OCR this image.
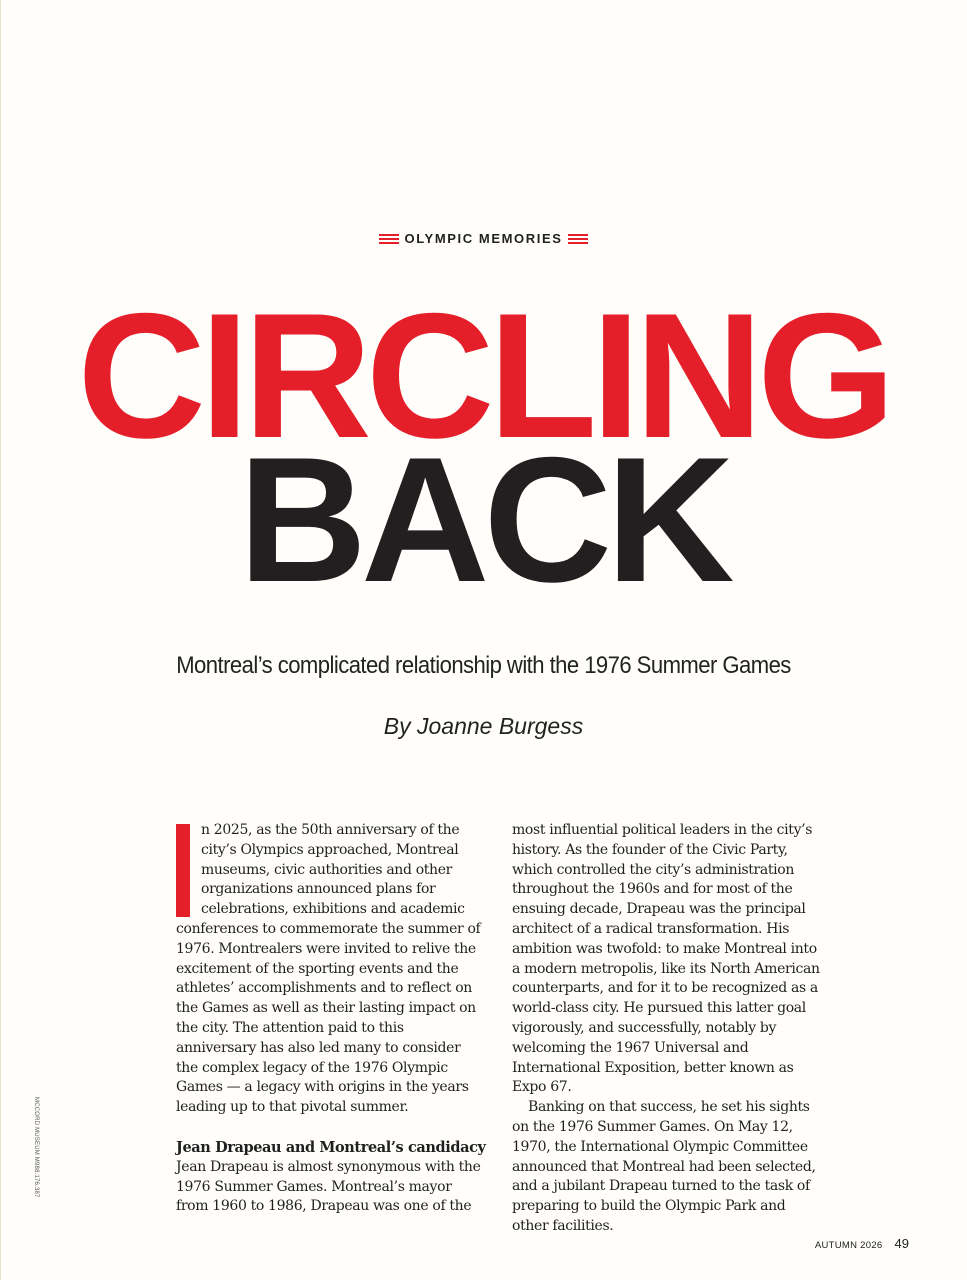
OLYMPIC MEMORIES
CIRCLING
BACK
Montreal’s complicated relationship with the 1976 Summer Games
By Joanne Burgess

n 2025, as the 50th anniversary of the city’s Olympics approached, Montreal museums, civic authorities and other organizations announced plans for celebrations, exhibitions and academic conferences to commemorate the summer of 1976. Montrealers were invited to relive the excitement of the sporting events and the athletes’ accomplishments and to reflect on the Games as well as their lasting impact on the city. The attention paid to this anniversary has also led many to consider the complex legacy of the 1976 Olympic Games — a legacy with origins in the years leading up to that pivotal summer.

Jean Drapeau and Montreal’s candidacy

Jean Drapeau is almost synonymous with the 1976 Summer Games. Montreal’s mayor from 1960 to 1986, Drapeau was one of the

most influential political leaders in the city’s history. As the founder of the Civic Party, which controlled the city’s administration throughout the 1960s and for most of the ensuing decade, Drapeau was the principal architect of a radical transformation. His ambition was twofold: to make Montreal into a modern metropolis, like its North American counterparts, and for it to be recognized as a world-class city. He pursued this latter goal vigorously, and successfully, notably by welcoming the 1967 Universal and International Exposition, better known as Expo 67.

Banking on that success, he set his sights on the 1976 Summer Games. On May 12, 1970, the International Olympic Committee announced that Montreal had been selected, and a jubilant Drapeau turned to the task of preparing to build the Olympic Park and other facilities.

MCCORD MUSEUM M988.176.387
AUTUMN 2026 49
